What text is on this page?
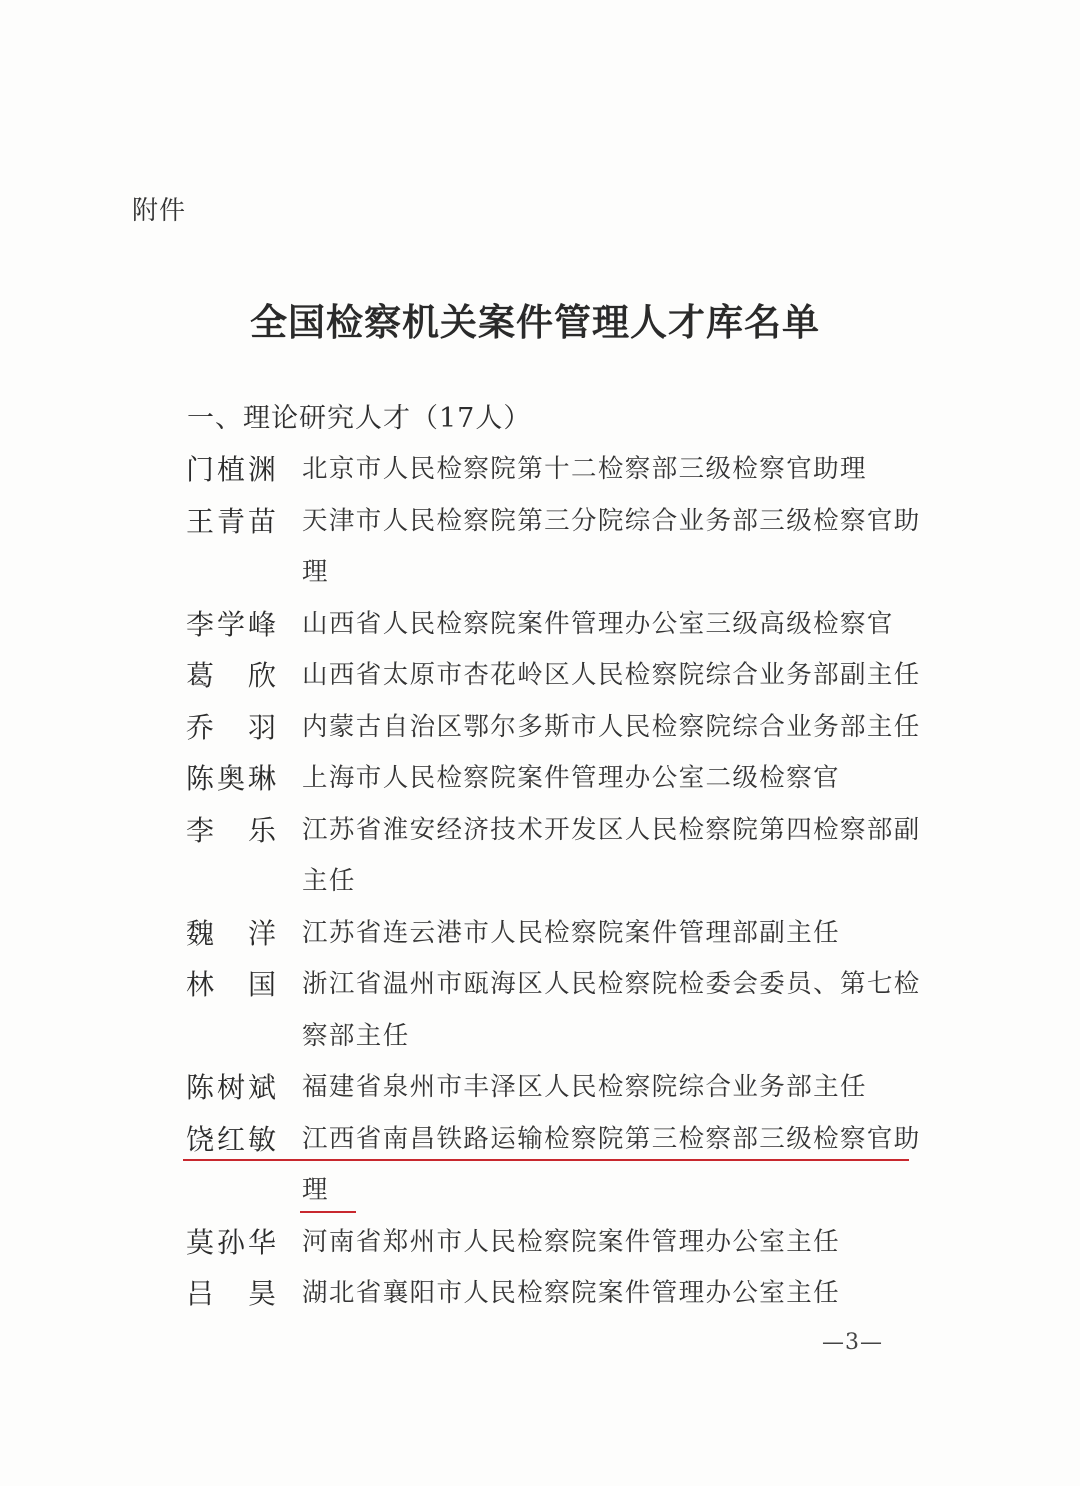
附件
全国检察机关案件管理人才库名单
一、理论研究人才（17人）
门 植 渊 北京市人民检察院第十二检察部三级检察官助理
王 青 苗 天津市人民检察院第三分院综合业务部三级检察官助理
李 学 峰 山西省人民检察院案件管理办公室三级高级检察官
葛 欣 山西省太原市杏花岭区人民检察院综合业务部副主任
乔 羽 内蒙古自治区鄂尔多斯市人民检察院综合业务部主任
陈 奥 琳 上海市人民检察院案件管理办公室二级检察官
李 乐 江苏省淮安经济技术开发区人民检察院第四检察部副主任
魏 洋 江苏省连云港市人民检察院案件管理部副主任
林 国 浙江省温州市瓯海区人民检察院检委会委员、第七检察部主任
陈 树 斌 福建省泉州市丰泽区人民检察院综合业务部主任
饶 红 敏 江西省南昌铁路运输检察院第三检察部三级检察官助理
莫 孙 华 河南省郑州市人民检察院案件管理办公室主任
吕 昊 湖北省襄阳市人民检察院案件管理办公室主任
—3—
